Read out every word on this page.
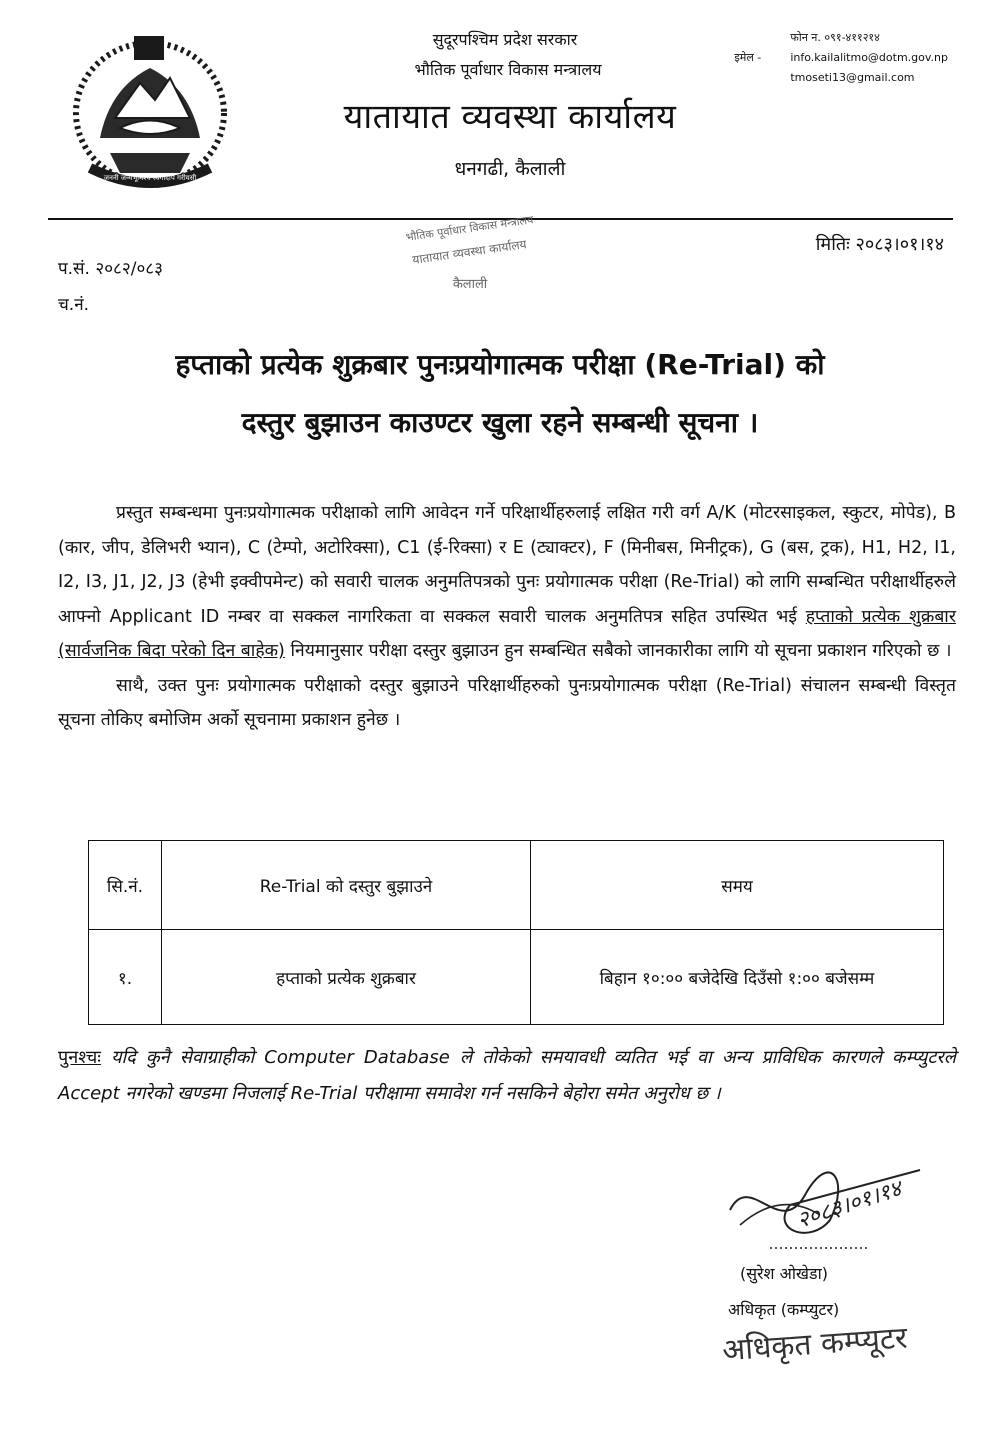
जननी जन्मभूमिश्च स्वर्गादपि गरीयसी
सुदूरपश्चिम प्रदेश सरकार
भौतिक पूर्वाधार विकास मन्त्रालय
यातायात व्यवस्था कार्यालय
धनगढी, कैलाली
फोन न. ०९१-४११२१४
इमेल -	info.kailalitmo@dotm.gov.np
tmoseti13@gmail.com
भौतिक पूर्वाधार विकास मन्त्रालय
यातायात व्यवस्था कार्यालय
कैलाली
प.सं. २०८२/०८३
च.नं.
मितिः २०८३।०१।१४
हप्ताको प्रत्येक शुक्रबार पुनःप्रयोगात्मक परीक्षा (Re-Trial) को
दस्तुर बुझाउन काउण्टर खुला रहने सम्बन्धी सूचना ।

प्रस्तुत सम्बन्धमा पुनःप्रयोगात्मक परीक्षाको लागि आवेदन गर्ने परिक्षार्थीहरुलाई लक्षित गरी वर्ग A/K (मोटरसाइकल, स्कुटर, मोपेड), B (कार, जीप, डेलिभरी भ्यान), C (टेम्पो, अटोरिक्सा), C1 (ई-रिक्सा) र E (ट्याक्टर), F (मिनीबस, मिनीट्रक), G (बस, ट्रक), H1, H2, I1, I2, I3, J1, J2, J3 (हेभी इक्वीपमेन्ट) को सवारी चालक अनुमतिपत्रको पुनः प्रयोगात्मक परीक्षा (Re-Trial) को लागि सम्बन्धित परीक्षार्थीहरुले आफ्नो Applicant ID नम्बर वा सक्कल नागरिकता वा सक्कल सवारी चालक अनुमतिपत्र सहित उपस्थित भई हप्ताको प्रत्येक शुक्रबार (सार्वजनिक बिदा परेको दिन बाहेक) नियमानुसार परीक्षा दस्तुर बुझाउन हुन सम्बन्धित सबैको जानकारीका लागि यो सूचना प्रकाशन गरिएको छ ।

साथै, उक्त पुनः प्रयोगात्मक परीक्षाको दस्तुर बुझाउने परिक्षार्थीहरुको पुनःप्रयोगात्मक परीक्षा (Re-Trial) संचालन सम्बन्धी विस्तृत सूचना तोकिए बमोजिम अर्को सूचनामा प्रकाशन हुनेछ ।

सि.नं.	Re-Trial को दस्तुर बुझाउने	समय
१.	हप्ताको प्रत्येक शुक्रबार	बिहान १०:०० बजेदेखि दिउँसो १:०० बजेसम्म
पुनश्चः यदि कुनै सेवाग्राहीको Computer Database ले तोकेको समयावधी व्यतित भई वा अन्य प्राविधिक कारणले कम्प्युटरले Accept नगरेको खण्डमा निजलाई Re-Trial परीक्षामा समावेश गर्न नसकिने बेहोरा समेत अनुरोध छ ।
२०८३।०१।१४
(सुरेश ओखेडा)
अधिकृत (कम्प्युटर)
अधिकृत कम्प्यूटर
